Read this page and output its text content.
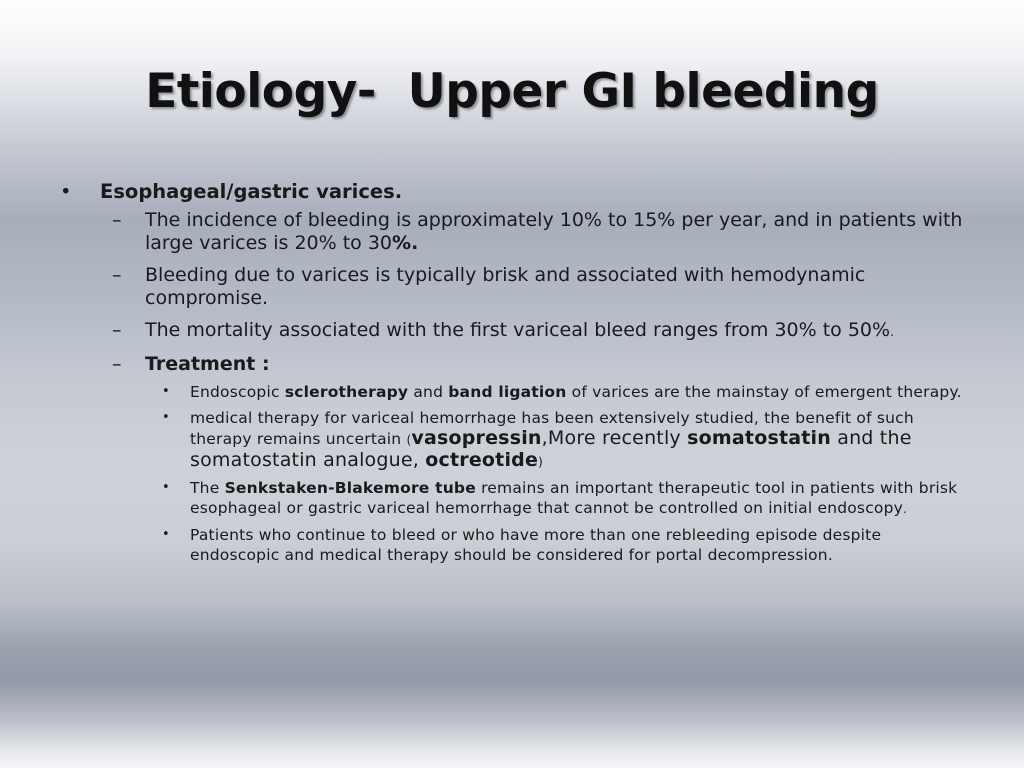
Etiology-  Upper GI bleeding
• Esophageal/gastric varices.
– The incidence of bleeding is approximately 10% to 15% per year, and in patients with large varices is 20% to 30%.
– Bleeding due to varices is typically brisk and associated with hemodynamic compromise.
– The mortality associated with the first variceal bleed ranges from 30% to 50%.
– Treatment :
• Endoscopic sclerotherapy and band ligation of varices are the mainstay of emergent therapy.
• medical therapy for variceal hemorrhage has been extensively studied, the benefit of such therapy remains uncertain (vasopressin,More recently somatostatin and the somatostatin analogue, octreotide)
• The Senkstaken-Blakemore tube remains an important therapeutic tool in patients with brisk esophageal or gastric variceal hemorrhage that cannot be controlled on initial endoscopy.
• Patients who continue to bleed or who have more than one rebleeding episode despite endoscopic and medical therapy should be considered for portal decompression.
